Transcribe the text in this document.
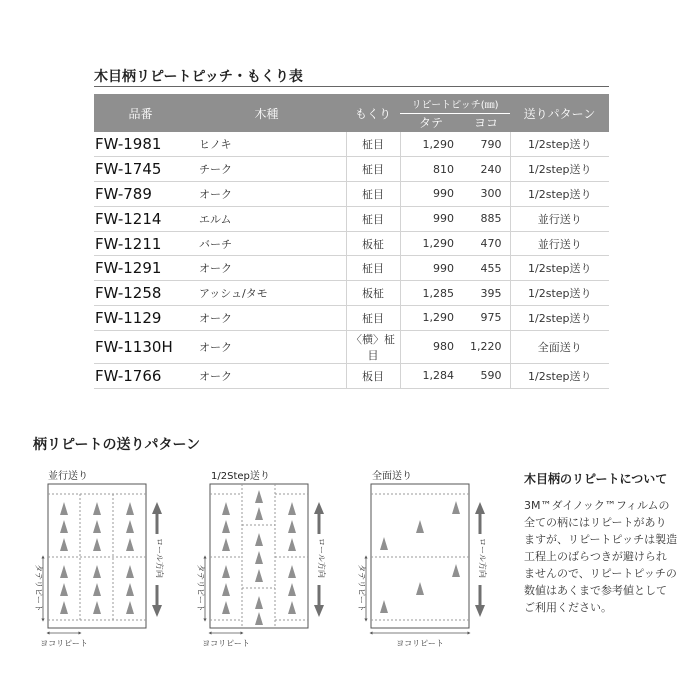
木目柄リピートピッチ・もくり表
品番	木種	もくり	リピートピッチ(㎜)		送りパターン
			タテ	ヨコ	
FW-1981	ヒノキ	柾目	1,290	790	1/2step送り
FW-1745	チーク	柾目	810	240	1/2step送り
FW-789	オーク	柾目	990	300	1/2step送り
FW-1214	エルム	柾目	990	885	並行送り
FW-1211	バーチ	板柾	1,290	470	並行送り
FW-1291	オーク	柾目	990	455	1/2step送り
FW-1258	アッシュ/タモ	板柾	1,285	395	1/2step送り
FW-1129	オーク	柾目	1,290	975	1/2step送り
FW-1130H	オーク	〈横〉柾目	980	1,220	全面送り
FW-1766	オーク	板目	1,284	590	1/2step送り
柄リピートの送りパターン
並行送り	1/2Step送り	全面送り
タテリピート
ヨコリピート
ロール方向
タテリピート
ヨコリピート
ロール方向
タテリピート
ヨコリピート
ロール方向
木目柄のリピートについて
3M™ダイノック™フィルムの
全ての柄にはリピートがあり
ますが、リピートピッチは製造
工程上のばらつきが避けられ
ませんので、リピートピッチの
数値はあくまで参考値として
ご利用ください。
